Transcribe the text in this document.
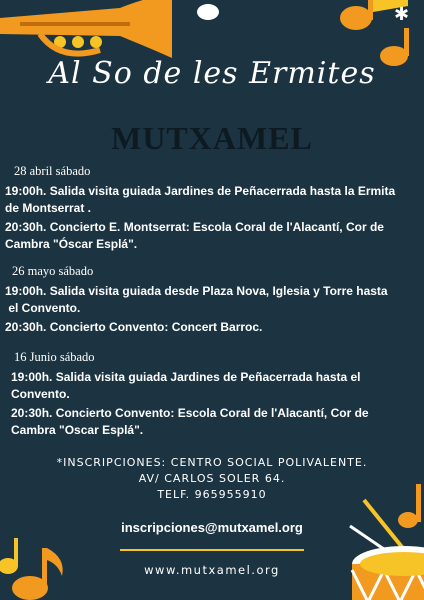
✱
Al So de les Ermites
MUTXAMEL
28 abril sábado
19:00h. Salida visita guiada Jardines de Peñacerrada hasta la Ermita
de Montserrat .
20:30h. Concierto E. Montserrat: Escola Coral de l'Alacantí, Cor de
Cambra "Óscar Esplá".
26 mayo sábado
19:00h. Salida visita guiada desde Plaza Nova, Iglesia y Torre hasta
el Convento.
20:30h. Concierto Convento: Concert Barroc.
16 Junio sábado
19:00h. Salida visita guiada Jardines de Peñacerrada hasta el
Convento.
20:30h. Concierto Convento: Escola Coral de l'Alacantí, Cor de
Cambra "Oscar Esplá".
*INSCRIPCIONES: CENTRO SOCIAL POLIVALENTE.
AV/ CARLOS SOLER 64.
TELF. 965955910
inscripciones@mutxamel.org
www.mutxamel.org
